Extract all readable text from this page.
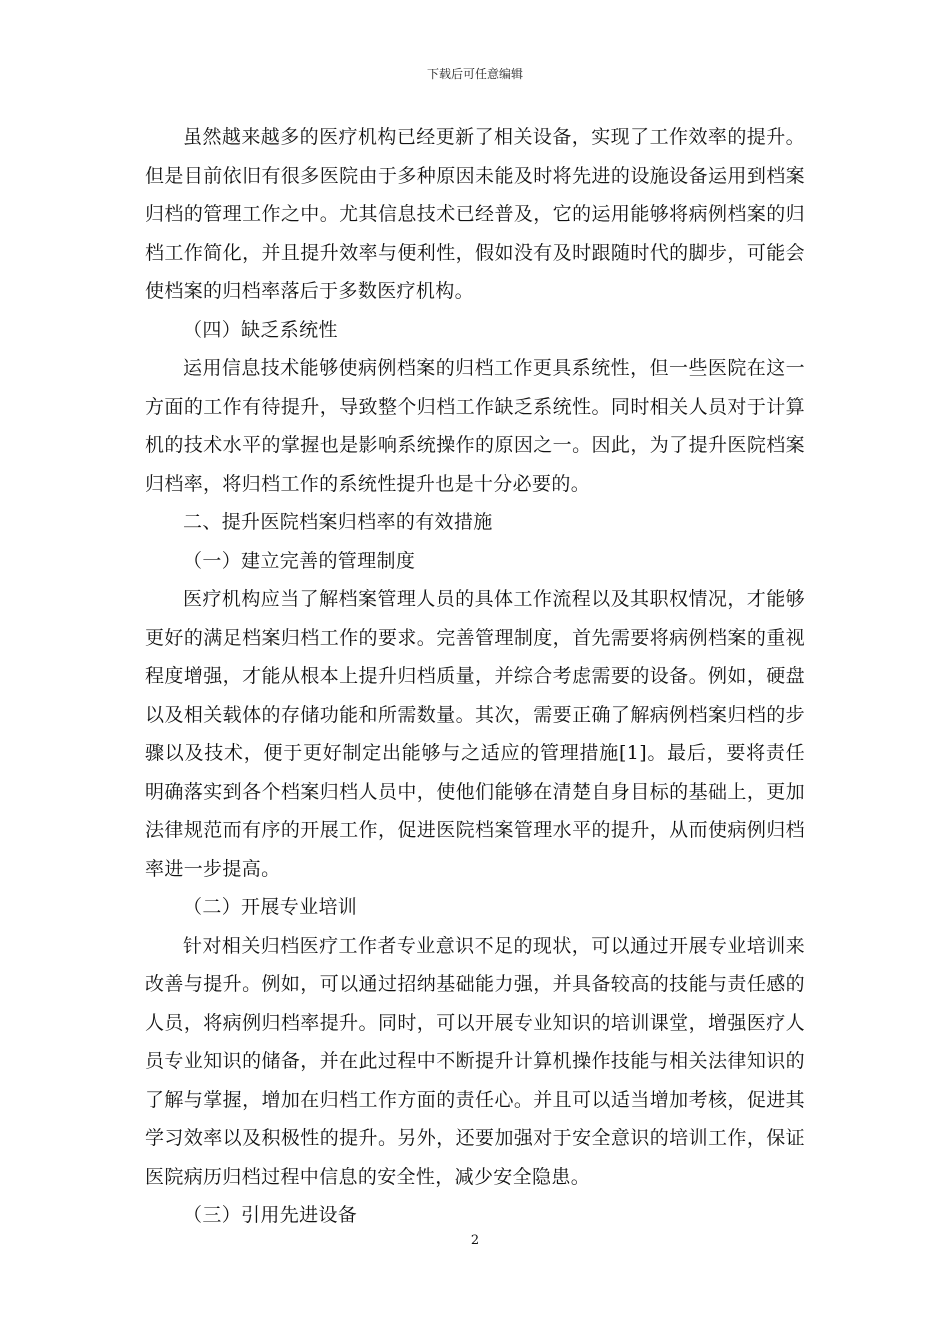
下载后可任意编辑

虽然越来越多的医疗机构已经更新了相关设备，实现了工作效率的提升。但是目前依旧有很多医院由于多种原因未能及时将先进的设施设备运用到档案归档的管理工作之中。尤其信息技术已经普及，它的运用能够将病例档案的归档工作简化，并且提升效率与便利性，假如没有及时跟随时代的脚步，可能会使档案的归档率落后于多数医疗机构。

（四）缺乏系统性

运用信息技术能够使病例档案的归档工作更具系统性，但一些医院在这一方面的工作有待提升，导致整个归档工作缺乏系统性。同时相关人员对于计算机的技术水平的掌握也是影响系统操作的原因之一。因此，为了提升医院档案归档率，将归档工作的系统性提升也是十分必要的。

二、提升医院档案归档率的有效措施

（一）建立完善的管理制度

医疗机构应当了解档案管理人员的具体工作流程以及其职权情况，才能够更好的满足档案归档工作的要求。完善管理制度，首先需要将病例档案的重视程度增强，才能从根本上提升归档质量，并综合考虑需要的设备。例如，硬盘以及相关载体的存储功能和所需数量。其次，需要正确了解病例档案归档的步骤以及技术，便于更好制定出能够与之适应的管理措施[1]。最后，要将责任明确落实到各个档案归档人员中，使他们能够在清楚自身目标的基础上，更加法律规范而有序的开展工作，促进医院档案管理水平的提升，从而使病例归档率进一步提高。

（二）开展专业培训

针对相关归档医疗工作者专业意识不足的现状，可以通过开展专业培训来改善与提升。例如，可以通过招纳基础能力强，并具备较高的技能与责任感的人员，将病例归档率提升。同时，可以开展专业知识的培训课堂，增强医疗人员专业知识的储备，并在此过程中不断提升计算机操作技能与相关法律知识的了解与掌握，增加在归档工作方面的责任心。并且可以适当增加考核，促进其学习效率以及积极性的提升。另外，还要加强对于安全意识的培训工作，保证医院病历归档过程中信息的安全性，减少安全隐患。

（三）引用先进设备

2
